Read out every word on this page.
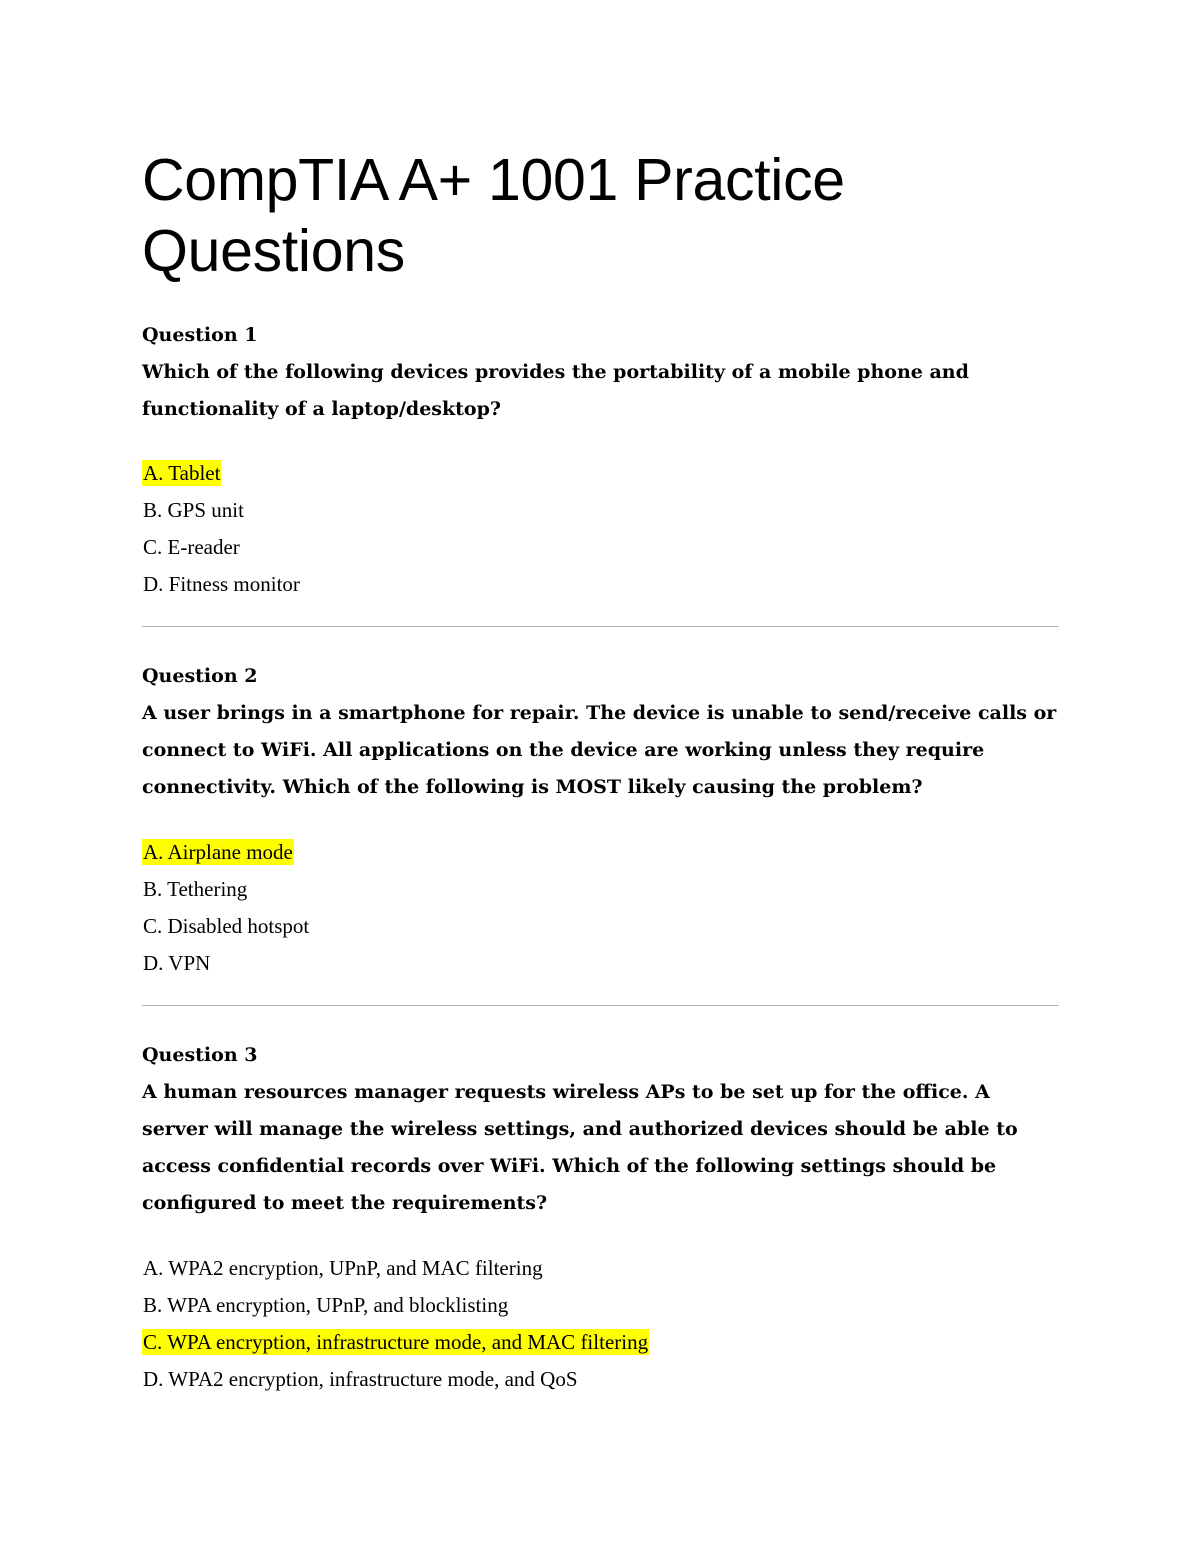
CompTIA A+ 1001 Practice Questions

Question 1

Which of the following devices provides the portability of a mobile phone and functionality of a laptop/desktop?

A. Tablet
B. GPS unit
C. E-reader
D. Fitness monitor

Question 2

A user brings in a smartphone for repair. The device is unable to send/receive calls or connect to WiFi. All applications on the device are working unless they require connectivity. Which of the following is MOST likely causing the problem?

A. Airplane mode
B. Tethering
C. Disabled hotspot
D. VPN

Question 3

A human resources manager requests wireless APs to be set up for the office. A server will manage the wireless settings, and authorized devices should be able to access confidential records over WiFi. Which of the following settings should be configured to meet the requirements?

A. WPA2 encryption, UPnP, and MAC filtering
B. WPA encryption, UPnP, and blocklisting
C. WPA encryption, infrastructure mode, and MAC filtering
D. WPA2 encryption, infrastructure mode, and QoS
